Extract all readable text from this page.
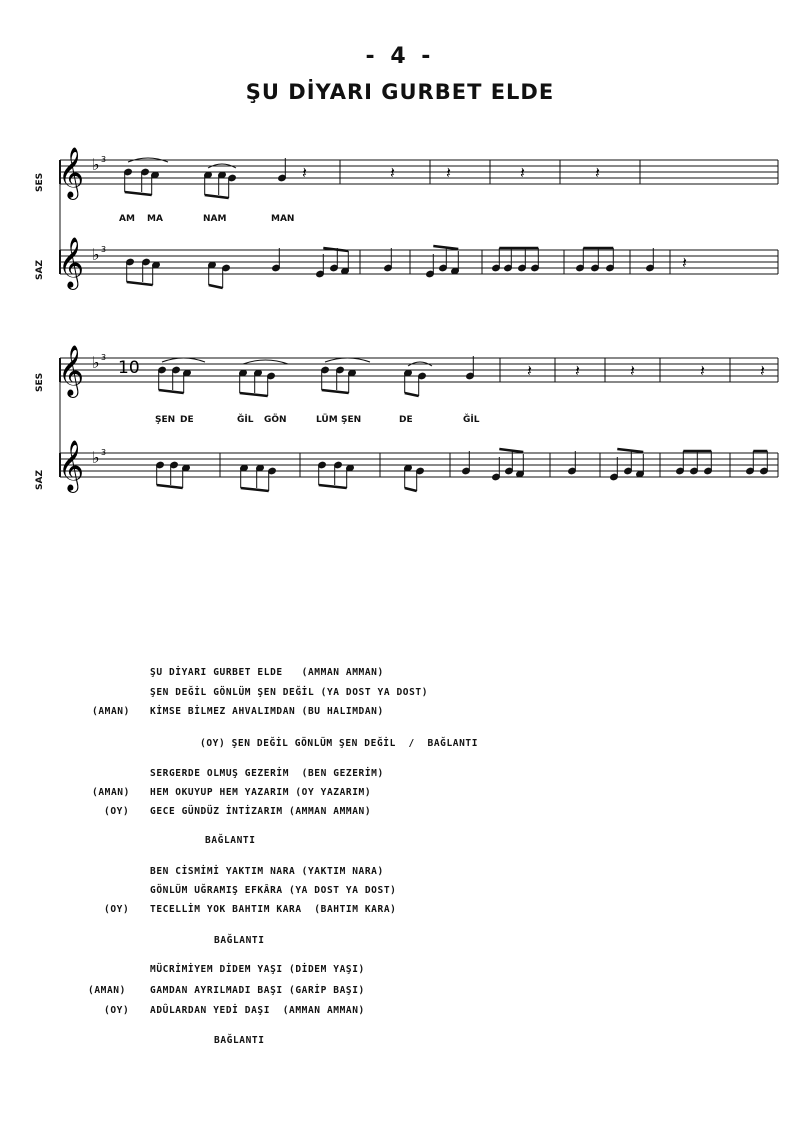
- 4 -
ŞU DİYARI GURBET ELDE
𝄞 ♭ 3
𝄞 ♭ 3
𝄞 ♭ 3
𝄞 ♭ 3
𝄽	𝄽	𝄽	𝄽	𝄽
𝄽
𝄽	𝄽	𝄽	𝄽	𝄽
SES
SAZ
SES
SAZ
10
AM MA	NAM	MAN
ŞEN DE	ĞİL GÖN	LÜM ŞEN	DE	ĞİL
ŞU DİYARI GURBET ELDE   (AMMAN AMMAN)
ŞEN DEĞİL GÖNLÜM ŞEN DEĞİL (YA DOST YA DOST)
(AMAN) KİMSE BİLMEZ AHVALIMDAN (BU HALIMDAN)
(OY) ŞEN DEĞİL GÖNLÜM ŞEN DEĞİL  /  BAĞLANTI
SERGERDE OLMUŞ GEZERİM  (BEN GEZERİM)
(AMAN) HEM OKUYUP HEM YAZARIM (OY YAZARIM)
(OY) GECE GÜNDÜZ İNTİZARIM (AMMAN AMMAN)
BAĞLANTI
BEN CİSMİMİ YAKTIM NARA (YAKTIM NARA)
GÖNLÜM UĞRAMIŞ EFKÂRA (YA DOST YA DOST)
(OY) TECELLİM YOK BAHTIM KARA  (BAHTIM KARA)
BAĞLANTI
MÜCRİMİYEM DİDEM YAŞI (DİDEM YAŞI)
(AMAN)	GAMDAN AYRILMADI BAŞI (GARİP BAŞI)
(OY) ADÛLARDAN YEDİ DAŞI  (AMMAN AMMAN)
BAĞLANTI
